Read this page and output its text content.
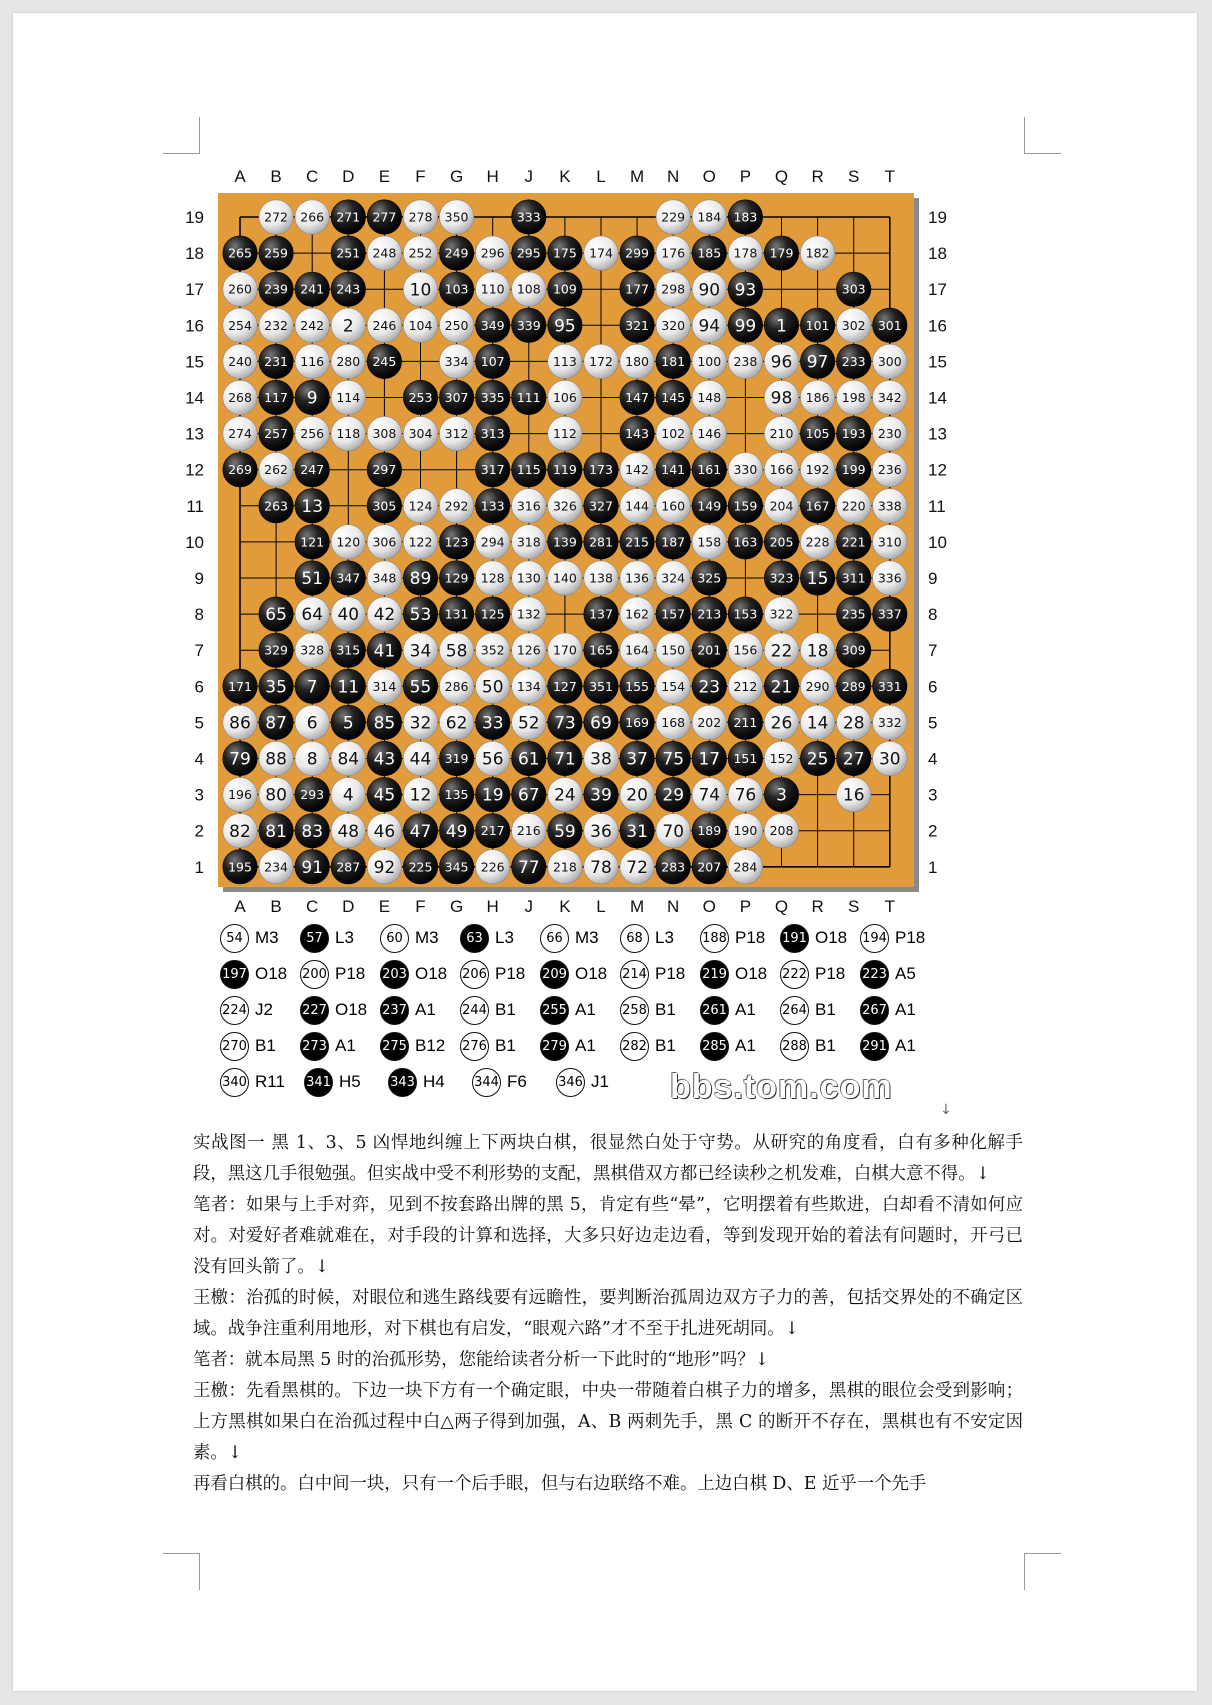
A
A
B
B
C
C
D
D
E
E
F
F
G
G
H
H
J
J
K
K
L
L
M
M
N
N
O
O
P
P
Q
Q
R
R
S
S
T
T
19	19
18	18
17	17
16	16
15	15
14	14
13	13
12	12
11	11
10	10
9	9
8	8
7	7
6	6
5	5
4	4
3	3
2	2
1	1
272 266 271 277 278 350	333	229 184 183
265 259	251 248 252 249 296 295 175 174 299 176 185 178 179 182
260 239 241 243	10 103 110 108 109	177 298 90 93	303
254 232 242 2 246 104 250 349 339 95	321 320 94 99 1 101 302 301
240 231 116 280 245	334 107	113 172 180 181 100 238 96 97 233 300
268 117 9 114	253 307 335 111 106	147 145 148	98 186 198 342
274 257 256 118 308 304 312 313	112	143 102 146	210 105 193 230
269 262 247	297	317 115 119 173 142 141 161 330 166 192 199 236
263 13	305 124 292 133 316 326 327 144 160 149 159 204 167 220 338
121 120 306 122 123 294 318 139 281 215 187 158 163 205 228 221 310
51 347 348 89 129 128 130 140 138 136 324 325	323 15 311 336
65 64 40 42 53 131 125 132	137 162 157 213 153 322	235 337
329 328 315 41 34 58 352 126 170 165 164 150 201 156 22 18 309
171 35 7 11 314 55 286 50 134 127 351 155 154 23 212 21 290 289 331
86 87 6 5 85 32 62 33 52 73 69 169 168 202 211 26 14 28 332
79 88 8 84 43 44 319 56 61 71 38 37 75 17 151 152 25 27 30
196 80 293 4 45 12 135 19 67 24 39 20 29 74 76 3	16
82 81 83 48 46 47 49 217 216 59 36 31 70 189 190 208
195 234 91 287 92 225 345 226 77 218 78 72 283 207 284
54 M3	57 L3	60 M3	63 L3	66 M3	68 L3 188 P18 191 O18 194 P18
197 O18 200 P18 203 O18 206 P18 209 O18 214 P18 219 O18 222 P18 223 A5
224 J2 227 O18 237 A1 244 B1 255 A1 258 B1 261 A1 264 B1 267 A1
270 B1 273 A1 275 B12 276 B1 279 A1 282 B1 285 A1 288 B1 291 A1
340 R11 341 H5 343 H4 344 F6 346 J1 bbs.tom.com
↓

实战图一 黑 1、3、5 凶悍地纠缠上下两块白棋，很显然白处于守势。从研究的角度看，白有多种化解手段，黑这几手很勉强。但实战中受不利形势的支配，黑棋借双方都已经读秒之机发难，白棋大意不得。↓

笔者：如果与上手对弈，见到不按套路出牌的黑 5，肯定有些“晕”，它明摆着有些欺进，白却看不清如何应对。对爱好者难就难在，对手段的计算和选择，大多只好边走边看，等到发现开始的着法有问题时，开弓已没有回头箭了。↓

王檄：治孤的时候，对眼位和逃生路线要有远瞻性，要判断治孤周边双方子力的善，包括交界处的不确定区域。战争注重利用地形，对下棋也有启发，“眼观六路”才不至于扎进死胡同。↓

笔者：就本局黑 5 时的治孤形势，您能给读者分析一下此时的“地形”吗？↓

王檄：先看黑棋的。下边一块下方有一个确定眼，中央一带随着白棋子力的增多，黑棋的眼位会受到影响；上方黑棋如果白在治孤过程中白△两子得到加强，A、B 两刺先手，黑 C 的断开不存在，黑棋也有不安定因素。↓

再看白棋的。白中间一块，只有一个后手眼，但与右边联络不难。上边白棋 D、E 近乎一个先手
